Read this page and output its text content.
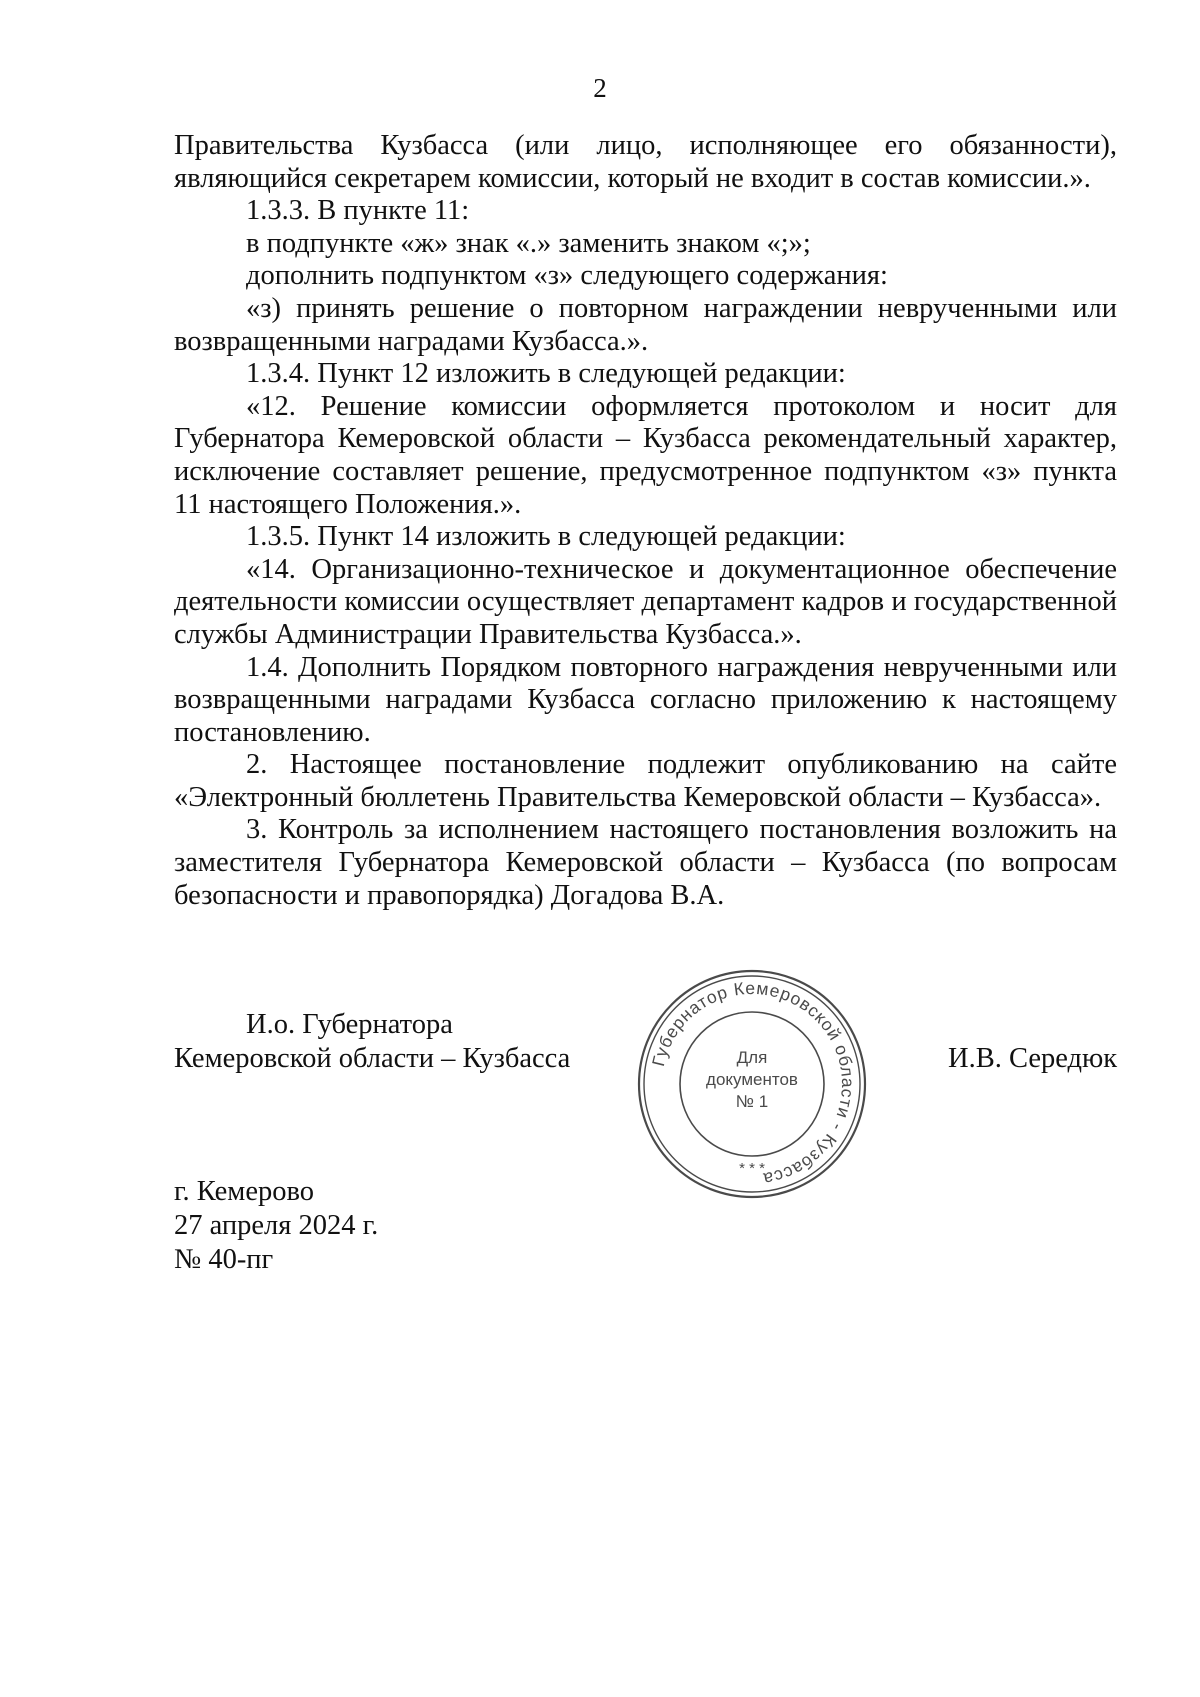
2

Правительства Кузбасса (или лицо, исполняющее его обязанности), являющийся секретарем комиссии, который не входит в состав комиссии.».

1.3.3. В пункте 11:

в подпункте «ж» знак «.» заменить знаком «;»;

дополнить подпунктом «з» следующего содержания:

«з) принять решение о повторном награждении неврученными или возвращенными наградами Кузбасса.».

1.3.4. Пункт 12 изложить в следующей редакции:

«12. Решение комиссии оформляется протоколом и носит для Губернатора Кемеровской области – Кузбасса рекомендательный характер, исключение составляет решение, предусмотренное подпунктом «з» пункта 11 настоящего Положения.».

1.3.5. Пункт 14 изложить в следующей редакции:

«14. Организационно-техническое и документационное обеспечение деятельности комиссии осуществляет департамент кадров и государственной службы Администрации Правительства Кузбасса.».

1.4. Дополнить Порядком повторного награждения неврученными или возвращенными наградами Кузбасса согласно приложению к настоящему постановлению.

2. Настоящее постановление подлежит опубликованию на сайте «Электронный бюллетень Правительства Кемеровской области – Кузбасса».

3. Контроль за исполнением настоящего постановления возложить на заместителя Губернатора Кемеровской области – Кузбасса (по вопросам безопасности и правопорядка) Догадова В.А.

И.о. Губернатора
Кемеровской области – Кузбасса	Губернатор Кемеровской области - Кузбасса
Для
документов
№ 1
* * *
И.В. Середюк
г. Кемерово
27 апреля 2024 г.
№ 40-пг
